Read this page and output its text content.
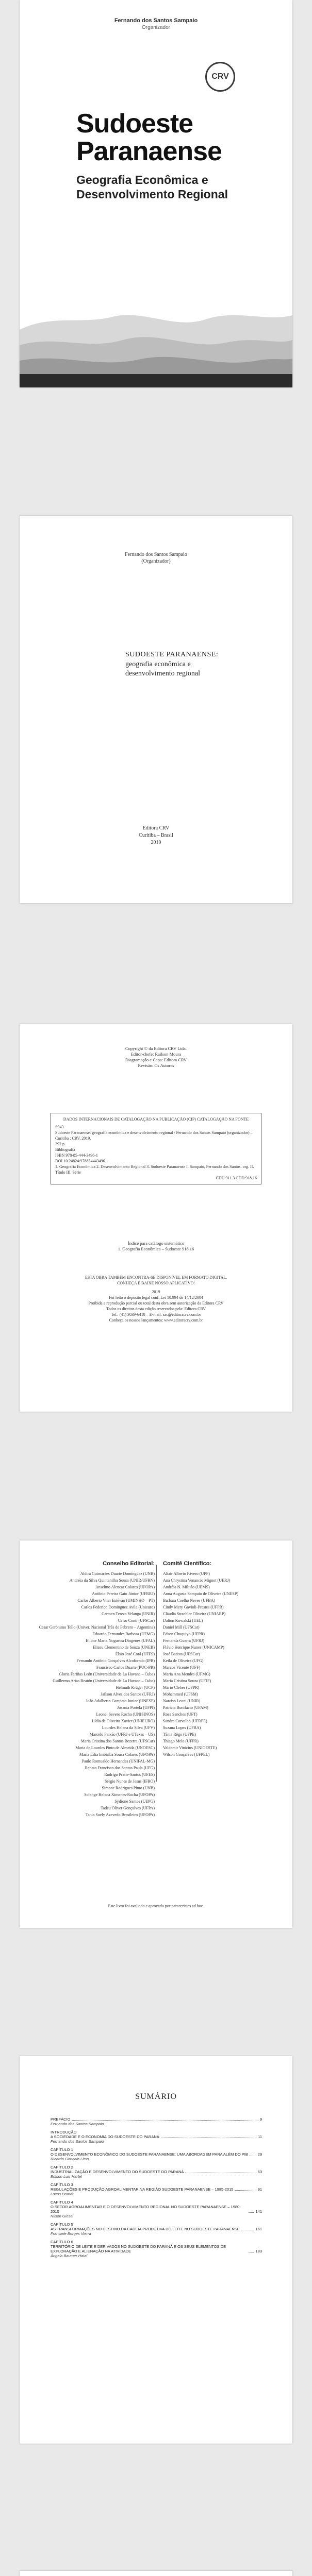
Fernando dos Santos Sampaio
Organizador
CRV
Sudoeste
Paranaense
Geografia Econômica e
Desenvolvimento Regional
Fernando dos Santos Sampaio
(Organizador)
SUDOESTE PARANAENSE:
geografia econômica e
desenvolvimento regional
Editora CRV
Curitiba – Brasil
2019
Copyright © da Editora CRV Ltda.
Editor-chefe: Railson Moura
Diagramação e Capa: Editora CRV
Revisão: Os Autores
DADOS INTERNACIONAIS DE CATALOGAÇÃO NA PUBLICAÇÃO (CIP) CATALOGAÇÃO NA FONTE
S943
Sudoeste Paranaense: geografia econômica e desenvolvimento regional / Fernando dos Santos Sampaio (organizador) – Curitiba : CRV, 2019.
392 p.
Bibliografia
ISBN 978-85-444-3496-1
DOI 10.24824/978854443496.1
1. Geografia Econômica 2. Desenvolvimento Regional 3. Sudoeste Paranaense I. Sampaio, Fernando dos Santos. org. II. Título III. Série
CDU 911.3 CDD 918.16
Índice para catálogo sistemático
1. Geografia Econômica – Sudoeste 918.16
ESTA OBRA TAMBÉM ENCONTRA-SE DISPONÍVEL EM FORMATO DIGITAL.
CONHEÇA E BAIXE NOSSO APLICATIVO!
2019
Foi feito o depósito legal conf. Lei 10.994 de 14/12/2004
Proibida a reprodução parcial ou total desta obra sem autorização da Editora CRV
Todos os direitos desta edição reservados pela: Editora CRV
Tel.: (41) 3039-6418 – E-mail: sac@editoracrv.com.br
Conheça os nossos lançamentos: www.editoracrv.com.br
Conselho Editorial:

Aldira Guimarães Duarte Domínguez (UNB)

Andréia da Silva Quintanilha Sousa (UNIR/UFRN)

Anselmo Alencar Colares (UFOPA)

Antônio Pereira Gaio Júnior (UFRRJ)

Carlos Alberto Vilar Estêvão (UMINHO – PT)

Carlos Federico Dominguez Avila (Unieuro)

Carmen Tereza Velanga (UNIR)

Celso Conti (UFSCar)

Cesar Gerónimo Tello (Univer. Nacional Três de Febrero – Argentina)

Eduardo Fernandes Barbosa (UFMG)

Elione Maria Nogueira Diogenes (UFAL)

Elizeu Clementino de Souza (UNEB)

Élsio José Corá (UFFS)

Fernando Antônio Gonçalves Alcoforado (IPB)

Francisco Carlos Duarte (PUC-PR)

Gloria Fariñas León (Universidade de La Havana – Cuba)

Guillermo Arias Beatón (Universidade de La Havana – Cuba)

Helmuth Krüger (UCP)

Jailson Alves dos Santos (UFRJ)

João Adalberto Campato Junior (UNESP)

Josania Portela (UFPI)

Leonel Severo Rocha (UNISINOS)

Lídia de Oliveira Xavier (UNIEURO)

Lourdes Helena da Silva (UFV)

Marcelo Paixão (UFRJ e UTexas – US)

Maria Cristina dos Santos Bezerra (UFSCar)

Maria de Lourdes Pinto de Almeida (UNOESC)

Maria Lília Imbiriba Sousa Colares (UFOPA)

Paulo Romualdo Hernandes (UNIFAL-MG)

Renato Francisco dos Santos Paula (UFG)

Rodrigo Pratte-Santos (UFES)

Sérgio Nunes de Jesus (IFRO)

Simone Rodrigues Pinto (UNB)

Solange Helena Ximenes-Rocha (UFOPA)

Sydione Santos (UEPG)

Tadeu Oliver Gonçalves (UFPA)

Tania Suely Azevedo Brasileiro (UFOPA)

Comitê Científico:

Altair Alberto Fávero (UPF)

Ana Chrystina Venancio Mignot (UERJ)

Andréia N. Militão (UEMS)

Anna Augusta Sampaio de Oliveira (UNESP)

Barbara Coelho Neves (UFBA)

Cindy Mery Gavioli-Prestes (UFPB)

Cláudia Straehler Oliveira (UNIARP)

Dalton Kowalski (UEL)

Daniel Mill (UFSCar)

Edson Chuquiyo (UFPR)

Fernanda Guerra (UFRJ)

Flávio Henrique Nunes (UNICAMP)

José Batista (UFSCar)

Keila de Oliveira (UFG)

Marcos Vicente (UFF)

Maria Ana Mendes (UFMG)

Maria Cristina Souza (UFJF)

Mário Cleber (UFPR)

Mohammed (UFSM)

Narciso Leoni (UNIR)

Patrícia Bonifácio (UFAM)

Rosa Sanches (UFT)

Sandra Carvalho (UFRPE)

Suzana Lopes (UFBA)

Tânia Rêgo (UFPE)

Thiago Melo (UFPR)

Valdemir Vinícius (UNIOESTE)

Wilson Gonçalves (UFPEL)

Este livro foi avaliado e aprovado por pareceristas ad hoc.
SUMÁRIO
PREFÁCIO	9
Fernando dos Santos Sampaio
INTRODUÇÃO
A SOCIEDADE E O ECONOMIA DO SUDOESTE DO PARANÁ	11
Fernando dos Santos Sampaio
CAPÍTULO 1
O DESENVOLVIMENTO ECONÔMICO DO SUDOESTE PARANAENSE: UMA ABORDAGEM PARA ALÉM DO PIB	29
Ricardo Gonçalo Lima
CAPÍTULO 2
INDUSTRIALIZAÇÃO E DESENVOLVIMENTO DO SUDOESTE DO PARANÁ	63
Edison Luiz Hartel
CAPÍTULO 3
REGULAÇÕES E PRODUÇÃO AGROALIMENTAR NA REGIÃO SUDOESTE PARANAENSE – 1985-2015	91
Lucas Brandt
CAPÍTULO 4
O SETOR AGROALIMENTAR E O DESENVOLVIMENTO REGIONAL NO SUDOESTE PARANAENSE – 1980-2010	141
Nilson Giesel
CAPÍTULO 5
AS TRANSFORMAÇÕES NO DESTINO DA CADEIA PRODUTIVA DO LEITE NO SUDOESTE PARANAENSE	161
Franciele Borges Vierra
CAPÍTULO 6
TERRITÓRIO DE LEITE E DERIVADOS NO SUDOESTE DO PARANÁ E OS SEUS ELEMENTOS DE EXPLORAÇÃO E ALIENAÇÃO NA ATIVIDADE	183
Ângela Baumer Hatal
